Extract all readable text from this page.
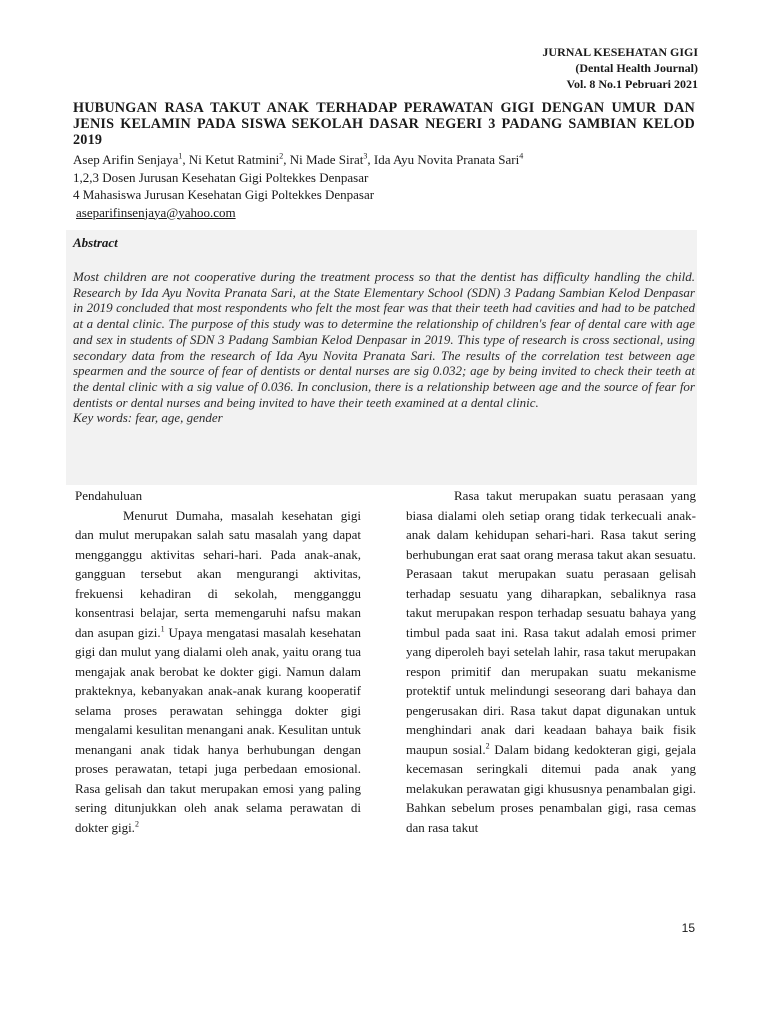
JURNAL KESEHATAN GIGI
(Dental Health Journal)
Vol. 8 No.1 Pebruari 2021
HUBUNGAN RASA TAKUT ANAK TERHADAP PERAWATAN GIGI DENGAN UMUR DAN JENIS KELAMIN PADA SISWA SEKOLAH DASAR NEGERI 3 PADANG SAMBIAN KELOD 2019
Asep Arifin Senjaya$^1$, Ni Ketut Ratmini$^2$, Ni Made Sirat$^3$, Ida Ayu Novita Pranata Sari$^4$
1,2,3 Dosen Jurusan Kesehatan Gigi Poltekkes Denpasar
4 Mahasiswa Jurusan Kesehatan Gigi Poltekkes Denpasar
aseparifinsenjaya@yahoo.com
Abstract
Most children are not cooperative during the treatment process so that the dentist has difficulty handling the child. Research by Ida Ayu Novita Pranata Sari, at the State Elementary School (SDN) 3 Padang Sambian Kelod Denpasar in 2019 concluded that most respondents who felt the most fear was that their teeth had cavities and had to be patched at a dental clinic. The purpose of this study was to determine the relationship of children's fear of dental care with age and sex in students of SDN 3 Padang Sambian Kelod Denpasar in 2019. This type of research is cross sectional, using secondary data from the research of Ida Ayu Novita Pranata Sari. The results of the correlation test between age spearmen and the source of fear of dentists or dental nurses are sig 0.032; age by being invited to check their teeth at the dental clinic with a sig value of 0.036. In conclusion, there is a relationship between age and the source of fear for dentists or dental nurses and being invited to have their teeth examined at a dental clinic.
Key words: fear, age, gender

Pendahuluan

Menurut Dumaha, masalah kesehatan gigi dan mulut merupakan salah satu masalah yang dapat mengganggu aktivitas sehari-hari. Pada anak-anak, gangguan tersebut akan mengurangi aktivitas, frekuensi kehadiran di sekolah, mengganggu konsentrasi belajar, serta memengaruhi nafsu makan dan asupan gizi.$^1$ Upaya mengatasi masalah kesehatan gigi dan mulut yang dialami oleh anak, yaitu orang tua mengajak anak berobat ke dokter gigi. Namun dalam prakteknya, kebanyakan anak-anak kurang kooperatif selama proses perawatan sehingga dokter gigi mengalami kesulitan menangani anak. Kesulitan untuk menangani anak tidak hanya berhubungan dengan proses perawatan, tetapi juga perbedaan emosional. Rasa gelisah dan takut merupakan emosi yang paling sering ditunjukkan oleh anak selama perawatan di dokter gigi.$^2$

Rasa takut merupakan suatu perasaan yang biasa dialami oleh setiap orang tidak terkecuali anak-anak dalam kehidupan sehari-hari. Rasa takut sering berhubungan erat saat orang merasa takut akan sesuatu. Perasaan takut merupakan suatu perasaan gelisah terhadap sesuatu yang diharapkan, sebaliknya rasa takut merupakan respon terhadap sesuatu bahaya yang timbul pada saat ini. Rasa takut adalah emosi primer yang diperoleh bayi setelah lahir, rasa takut merupakan respon primitif dan merupakan suatu mekanisme protektif untuk melindungi seseorang dari bahaya dan pengerusakan diri. Rasa takut dapat digunakan untuk menghindari anak dari keadaan bahaya baik fisik maupun sosial.$^2$ Dalam bidang kedokteran gigi, gejala kecemasan seringkali ditemui pada anak yang melakukan perawatan gigi khususnya penambalan gigi. Bahkan sebelum proses penambalan gigi, rasa cemas dan rasa takut

15
